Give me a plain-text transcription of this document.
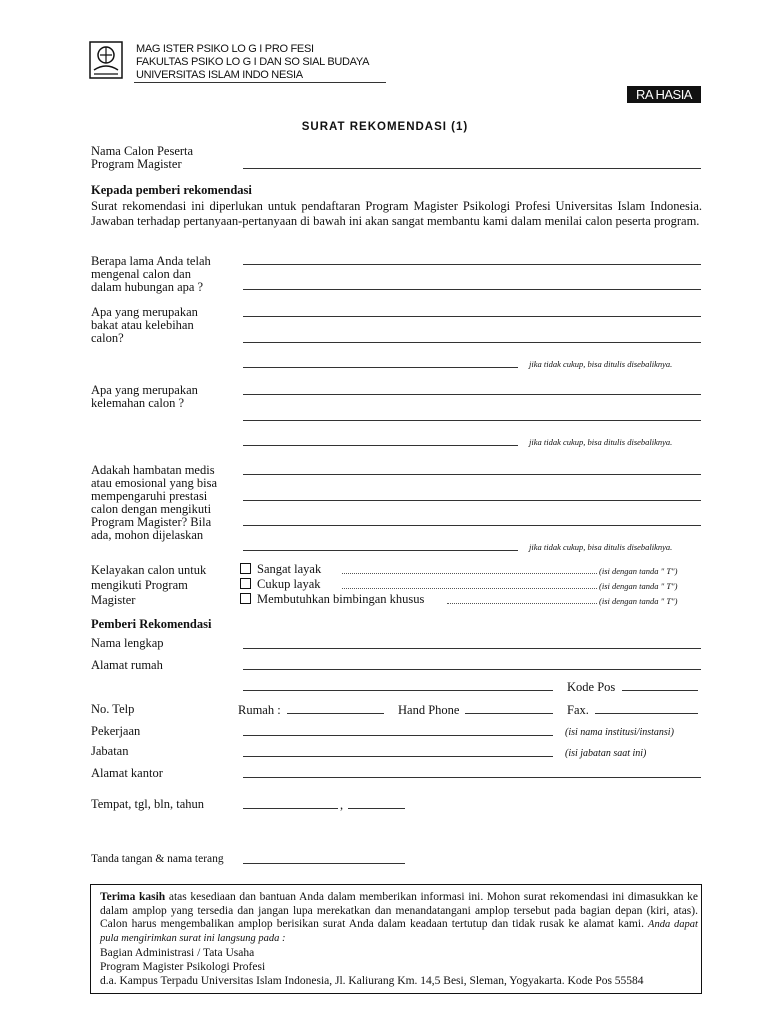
MAG ISTER PSIKO LO G I PRO FESI
FAKULTAS PSIKO LO G I DAN SO SIAL BUDAYA
UNIVERSITAS ISLAM INDO NESIA
RA HASIA
SURAT REKOMENDASI (1)
Nama Calon Peserta
Program Magister
Kepada pemberi rekomendasi
Surat rekomendasi ini diperlukan untuk pendaftaran Program Magister Psikologi Profesi Universitas Islam Indonesia. Jawaban terhadap pertanyaan-pertanyaan di bawah ini akan sangat membantu kami dalam menilai calon peserta program.
Berapa lama Anda telah
mengenal calon dan
dalam hubungan apa ?
Apa yang merupakan
bakat atau kelebihan
calon?
jika tidak cukup, bisa ditulis disebaliknya.
Apa yang merupakan
kelemahan calon ?
jika tidak cukup, bisa ditulis disebaliknya.
Adakah hambatan medis
atau emosional yang bisa
mempengaruhi prestasi
calon dengan mengikuti
Program Magister? Bila
ada, mohon dijelaskan
jika tidak cukup, bisa ditulis disebaliknya.
Kelayakan calon untuk
mengikuti Program
Magister
Sangat layak	(isi dengan tanda " T")
Cukup layak	(isi dengan tanda " T")
Membutuhkan bimbingan khusus	(isi dengan tanda " T")
Pemberi Rekomendasi
Nama lengkap
Alamat rumah
Kode Pos
No. Telp	Rumah :	Hand Phone	Fax.
Pekerjaan	(isi nama institusi/instansi)
Jabatan	(isi jabatan saat ini)
Alamat kantor
Tempat, tgl, bln, tahun	,
Tanda tangan & nama terang
Terima kasih atas kesediaan dan bantuan Anda dalam memberikan informasi ini. Mohon surat rekomendasi ini dimasukkan ke dalam amplop yang tersedia dan jangan lupa merekatkan dan menandatangani amplop tersebut pada bagian depan (kiri, atas). Calon harus mengembalikan amplop berisikan surat Anda dalam keadaan tertutup dan tidak rusak ke alamat kami. Anda dapat pula mengirimkan surat ini langsung pada :
Bagian Administrasi / Tata Usaha
Program Magister Psikologi Profesi
d.a. Kampus Terpadu Universitas Islam Indonesia, Jl. Kaliurang Km. 14,5 Besi, Sleman, Yogyakarta. Kode Pos 55584
